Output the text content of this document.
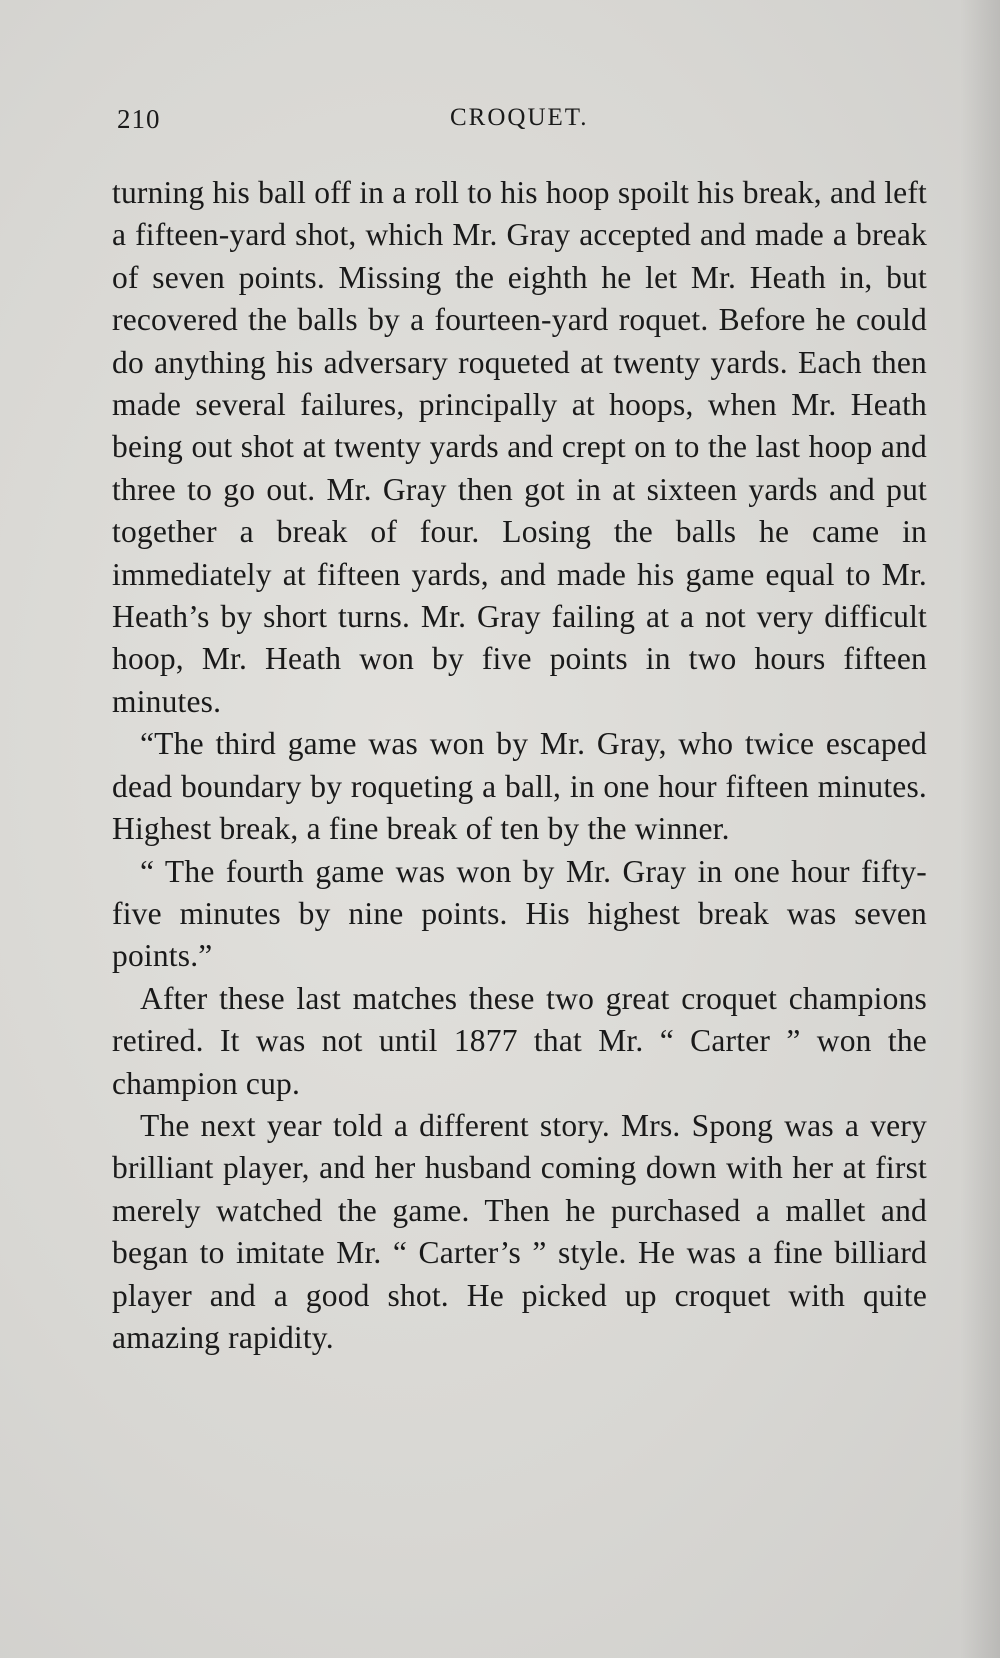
210	CROQUET.

turning his ball off in a roll to his hoop spoilt his break, and left a fifteen-yard shot, which Mr. Gray accepted and made a break of seven points. Missing the eighth he let Mr. Heath in, but recovered the balls by a fourteen-yard roquet. Before he could do anything his adversary roqueted at twenty yards. Each then made several failures, principally at hoops, when Mr. Heath being out shot at twenty yards and crept on to the last hoop and three to go out. Mr. Gray then got in at sixteen yards and put together a break of four. Losing the balls he came in immediately at fifteen yards, and made his game equal to Mr. Heath’s by short turns. Mr. Gray failing at a not very difficult hoop, Mr. Heath won by five points in two hours fifteen minutes.

“The third game was won by Mr. Gray, who twice escaped dead boundary by roqueting a ball, in one hour fifteen minutes. Highest break, a fine break of ten by the winner.

“ The fourth game was won by Mr. Gray in one hour fifty-five minutes by nine points. His highest break was seven points.”

After these last matches these two great croquet champions retired. It was not until 1877 that Mr. “ Carter ” won the champion cup.

The next year told a different story. Mrs. Spong was a very brilliant player, and her husband coming down with her at first merely watched the game. Then he purchased a mallet and began to imitate Mr. “ Carter’s ” style. He was a fine billiard player and a good shot. He picked up croquet with quite amazing rapidity.
